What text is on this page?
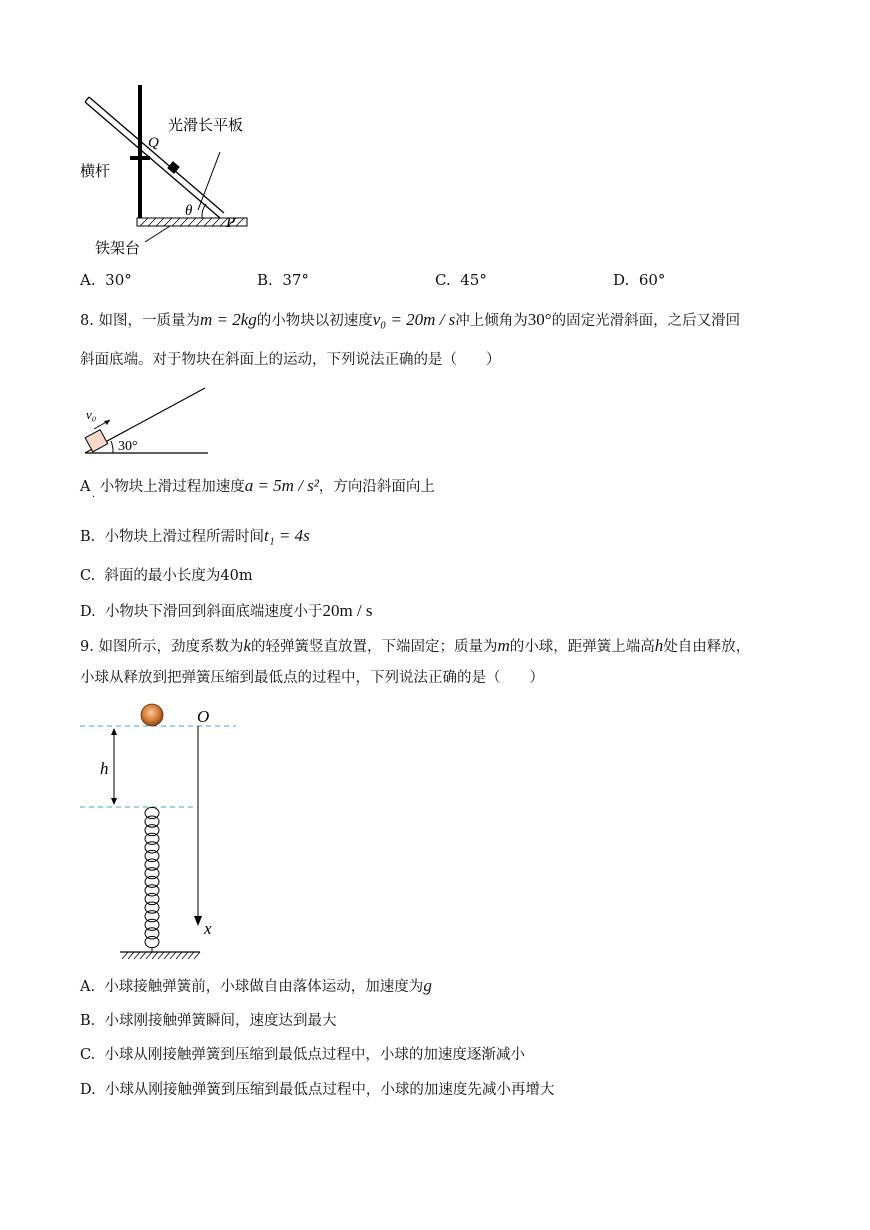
θ
Q
P
光滑长平板
横杆
铁架台
A. 30°	B. 37°	C. 45°	D. 60°
8. 如图，一质量为m = 2kg的小物块以初速度v₀ = 20m / s冲上倾角为30°的固定光滑斜面，之后又滑回
斜面底端。对于物块在斜面上的运动，下列说法正确的是（　　）
v₀
30°
A 小物块上滑过程加速度a = 5m / s²，方向沿斜面向上
·
B. 小物块上滑过程所需时间t₁ = 4s
C. 斜面的最小长度为40m
D. 小物块下滑回到斜面底端速度小于20m / s
9. 如图所示，劲度系数为k的轻弹簧竖直放置，下端固定；质量为m的小球，距弹簧上端高h处自由释放，
小球从释放到把弹簧压缩到最低点的过程中，下列说法正确的是（　　）
h
O
x
A. 小球接触弹簧前，小球做自由落体运动，加速度为g
B. 小球刚接触弹簧瞬间，速度达到最大
C. 小球从刚接触弹簧到压缩到最低点过程中，小球的加速度逐渐减小
D. 小球从刚接触弹簧到压缩到最低点过程中，小球的加速度先减小再增大
